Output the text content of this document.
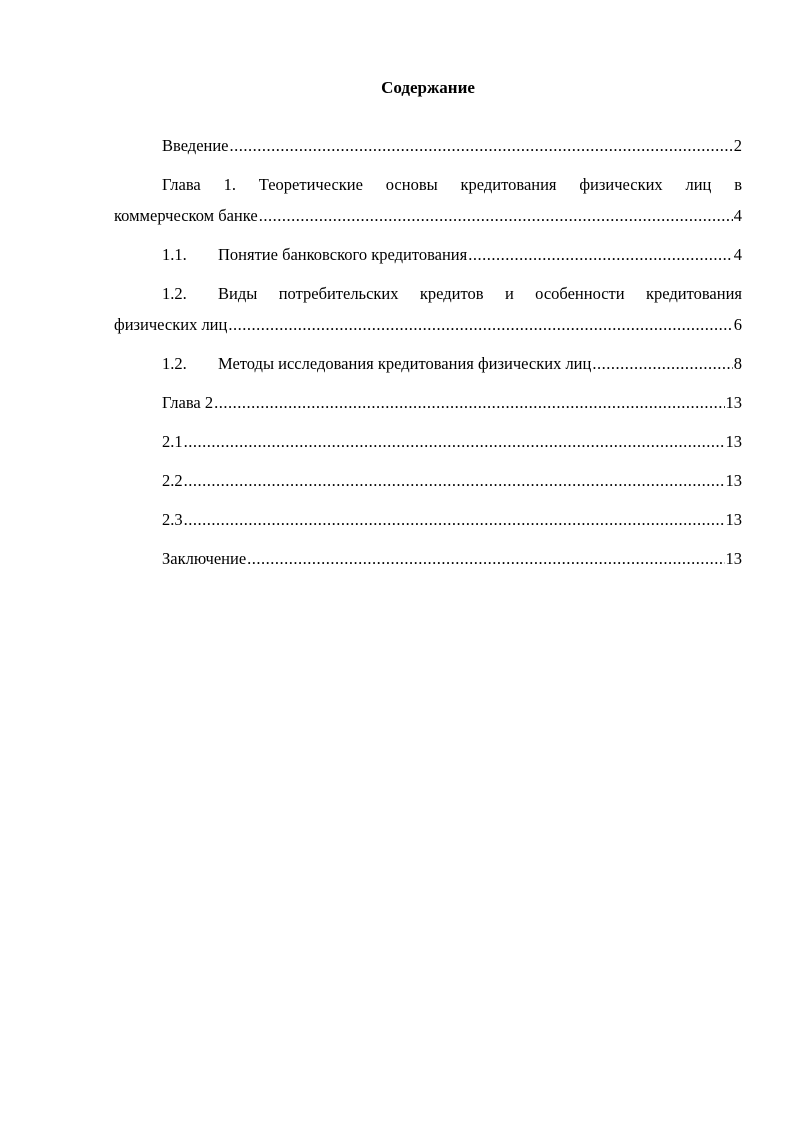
Содержание
Введение .....	2
Глава 1. Теоретические основы кредитования физических лиц в
коммерческом банке .....	4
1.1.	Понятие банковского кредитования .....	4
1.2.	Виды потребительских кредитов и особенности кредитования
физических лиц .....	6
1.2.	Методы исследования кредитования физических лиц .....	8
Глава 2 .....	13
2.1 .....	13
2.2 .....	13
2.3 .....	13
Заключение .....	13
